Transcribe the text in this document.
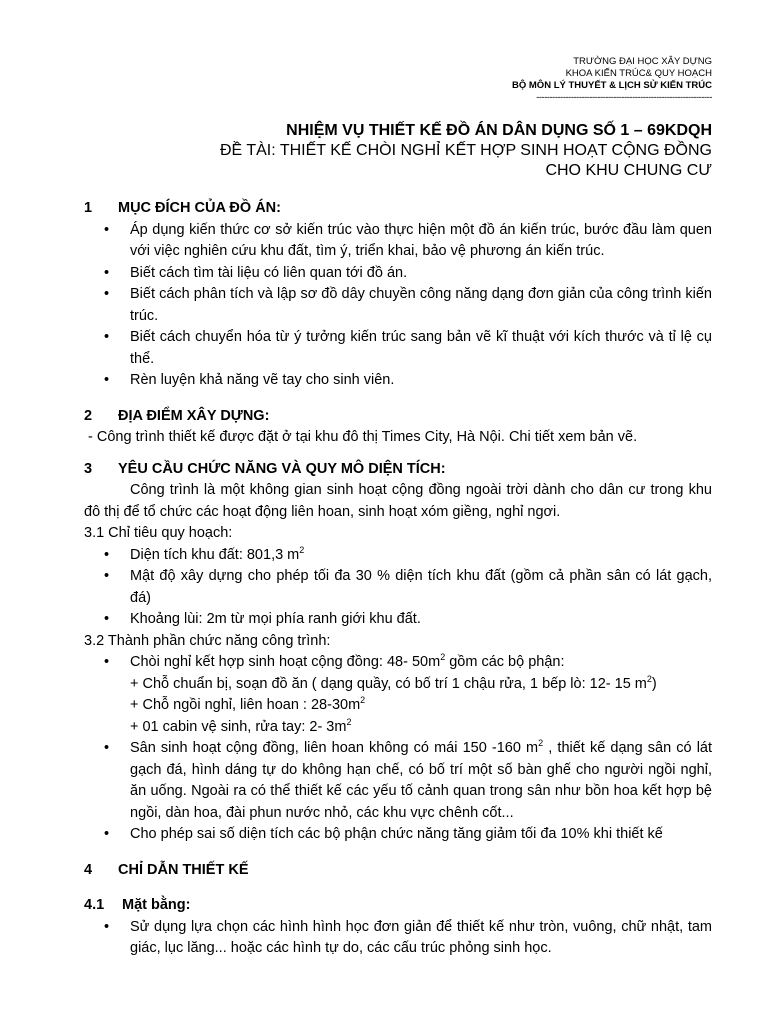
TRƯỜNG ĐẠI HỌC XÂY DỰNG
KHOA KIẾN TRÚC& QUY HOẠCH
BỘ MÔN LÝ THUYẾT & LỊCH SỬ KIẾN TRÚC
------------------------------------------------------------------
NHIỆM VỤ THIẾT KẾ ĐỒ ÁN DÂN DỤNG SỐ 1 – 69KDQH
ĐỀ TÀI: THIẾT KẾ CHÒI NGHỈ KẾT HỢP SINH HOẠT CỘNG ĐỒNG
CHO KHU CHUNG CƯ
1	MỤC ĐÍCH CỦA ĐỒ ÁN:
• Áp dụng kiến thức cơ sở kiến trúc vào thực hiện một đồ án kiến trúc, bước đầu làm quen với việc nghiên cứu khu đất, tìm ý, triển khai, bảo vệ phương án kiến trúc.
• Biết cách tìm tài liệu có liên quan tới đồ án.
• Biết cách phân tích và lập sơ đồ dây chuyền công năng dạng đơn giản của công trình kiến trúc.
• Biết cách chuyển hóa từ ý tưởng kiến trúc sang bản vẽ kĩ thuật với kích thước và tỉ lệ cụ thể.
• Rèn luyện khả năng vẽ tay cho sinh viên.
2	ĐỊA ĐIỂM XÂY DỰNG:
- Công trình thiết kế được đặt ở tại khu đô thị Times City, Hà Nội. Chi tiết xem bản vẽ.
3	YÊU CẦU CHỨC NĂNG VÀ QUY MÔ DIỆN TÍCH:
Công trình là một không gian sinh hoạt cộng đồng ngoài trời dành cho dân cư trong khu đô thị để tổ chức các hoạt động liên hoan, sinh hoạt xóm giềng, nghỉ ngơi.
3.1 Chỉ tiêu quy hoạch:
• Diện tích khu đất: 801,3 $m^2$
• Mật độ xây dựng cho phép tối đa 30 % diện tích khu đất (gồm cả phần sân có lát gạch, đá)
• Khoảng lùi: 2m từ mọi phía ranh giới khu đất.
3.2 Thành phần chức năng công trình:
• Chòi nghỉ kết hợp sinh hoạt cộng đồng: 48- $50m^2$ gồm các bộ phận:
+ Chỗ chuẩn bị, soạn đồ ăn ( dạng quầy, có bố trí 1 chậu rửa, 1 bếp lò: 12- 15 $m^2$)
+ Chỗ ngồi nghỉ, liên hoan : $28-30m^2$
+ 01 cabin vệ sinh, rửa tay: 2- $3m^2$
• Sân sinh hoạt cộng đồng, liên hoan không có mái 150 -160 $m^2$ , thiết kế dạng sân có lát gạch đá, hình dáng tự do không hạn chế, có bố trí một số bàn ghế cho người ngồi nghỉ, ăn uống. Ngoài ra có thể thiết kế các yếu tố cảnh quan trong sân như bồn hoa kết hợp bệ ngồi, dàn hoa, đài phun nước nhỏ, các khu vực chênh cốt...
• Cho phép sai số diện tích các bộ phận chức năng tăng giảm tối đa 10% khi thiết kế
4	CHỈ DẪN THIẾT KẾ
4.1	Mặt bằng:
• Sử dụng lựa chọn các hình hình học đơn giản để thiết kế như tròn, vuông, chữ nhật, tam giác, lục lăng... hoặc các hình tự do, các cấu trúc phỏng sinh học.
